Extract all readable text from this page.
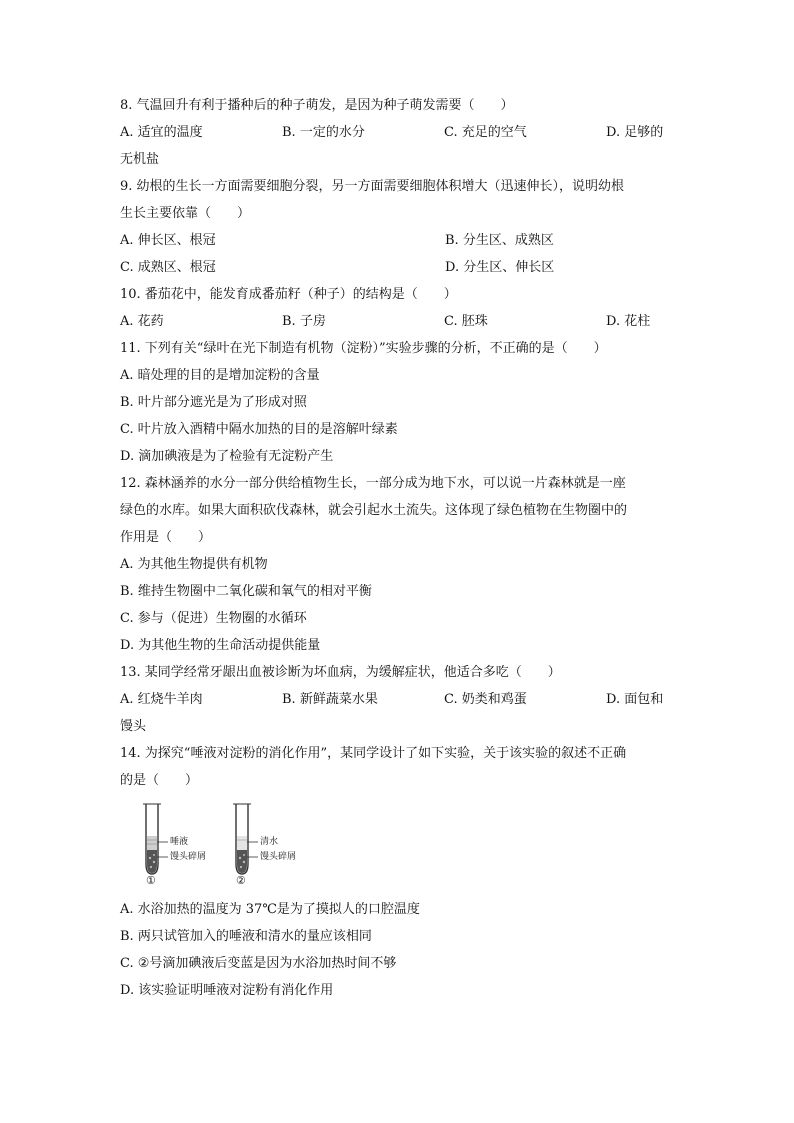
8. 气温回升有利于播种后的种子萌发，是因为种子萌发需要（　　）
A. 适宜的温度	B. 一定的水分	C. 充足的空气	D. 足够的
无机盐
9. 幼根的生长一方面需要细胞分裂，另一方面需要细胞体积增大（迅速伸长），说明幼根
生长主要依靠（　　）
A. 伸长区、根冠	B. 分生区、成熟区
C. 成熟区、根冠	D. 分生区、伸长区
10. 番茄花中，能发育成番茄籽（种子）的结构是（　　）
A. 花药	B. 子房	C. 胚珠	D. 花柱
11. 下列有关“绿叶在光下制造有机物（淀粉）”实验步骤的分析，不正确的是（　　）
A. 暗处理的目的是增加淀粉的含量
B. 叶片部分遮光是为了形成对照
C. 叶片放入酒精中隔水加热的目的是溶解叶绿素
D. 滴加碘液是为了检验有无淀粉产生
12. 森林涵养的水分一部分供给植物生长，一部分成为地下水，可以说一片森林就是一座
绿色的水库。如果大面积砍伐森林，就会引起水土流失。这体现了绿色植物在生物圈中的
作用是（　　）
A. 为其他生物提供有机物
B. 维持生物圈中二氧化碳和氧气的相对平衡
C. 参与（促进）生物圈的水循环
D. 为其他生物的生命活动提供能量
13. 某同学经常牙龈出血被诊断为坏血病，为缓解症状，他适合多吃（　　）
A. 红烧牛羊肉	B. 新鲜蔬菜水果	C. 奶类和鸡蛋	D. 面包和
馒头
14. 为探究“唾液对淀粉的消化作用”，某同学设计了如下实验，关于该实验的叙述不正确
的是（　　）
唾液
馒头碎屑
①
清水
馒头碎屑
②
A. 水浴加热的温度为 37℃是为了摸拟人的口腔温度
B. 两只试管加入的唾液和清水的量应该相同
C. ②号滴加碘液后变蓝是因为水浴加热时间不够
D. 该实验证明唾液对淀粉有消化作用
